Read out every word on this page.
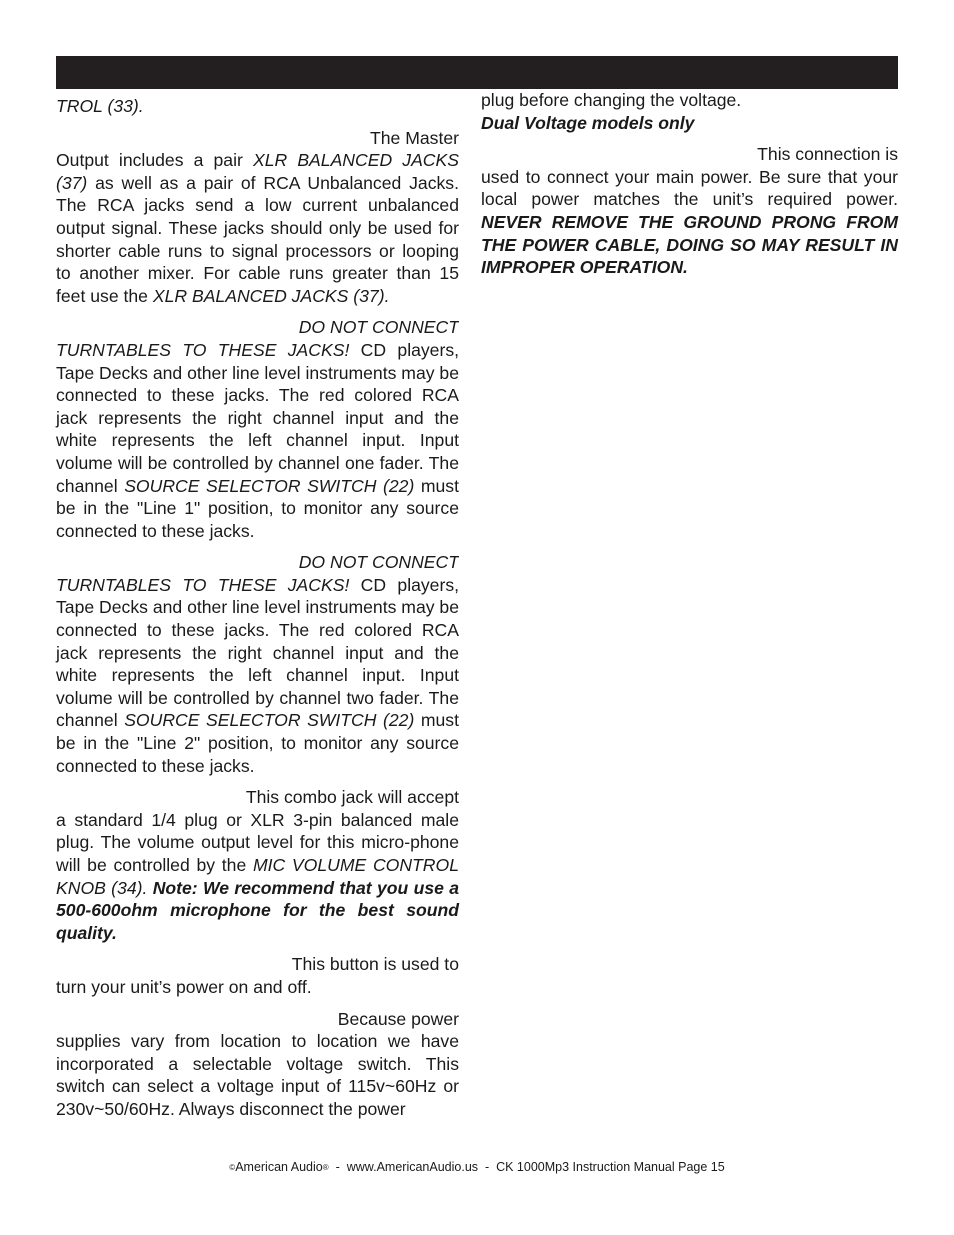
TROL (33).
The Master

Output includes a pair XLR BALANCED JACKS (37) as well as a pair of RCA Unbalanced Jacks. The RCA jacks send a low current unbalanced output signal. These jacks should only be used for shorter cable runs to signal processors or looping to another mixer. For cable runs greater than 15 feet use the XLR BALANCED JACKS (37).

DO NOT CONNECT

TURNTABLES TO THESE JACKS! CD players, Tape Decks and other line level instruments may be connected to these jacks. The red colored RCA jack represents the right channel input and the white represents the left channel input. Input volume will be controlled by channel one fader. The channel SOURCE SELECTOR SWITCH (22) must be in the "Line 1" position, to monitor any source connected to these jacks.

DO NOT CONNECT

TURNTABLES TO THESE JACKS! CD players, Tape Decks and other line level instruments may be connected to these jacks. The red colored RCA jack represents the right channel input and the white represents the left channel input. Input volume will be controlled by channel two fader. The channel SOURCE SELECTOR SWITCH (22) must be in the "Line 2" position, to monitor any source connected to these jacks.

This combo jack will accept

a standard 1/4 plug or XLR 3-pin balanced male plug. The volume output level for this micro-phone will be controlled by the MIC VOLUME CONTROL KNOB (34). Note: We recommend that you use a 500-600ohm microphone for the best sound quality.

This button is used to

turn your unit’s power on and off.

Because power

supplies vary from location to location we have incorporated a selectable voltage switch. This switch can select a voltage input of 115v~60Hz or 230v~50/60Hz. Always disconnect the power

plug before changing the voltage.
Dual Voltage models only
This connection is

used to connect your main power. Be sure that your local power matches the unit’s required power. NEVER REMOVE THE GROUND PRONG FROM THE POWER CABLE, DOING SO MAY RESULT IN IMPROPER OPERATION.

©American Audio®  -  www.AmericanAudio.us  -  CK 1000Mp3 Instruction Manual Page 15
